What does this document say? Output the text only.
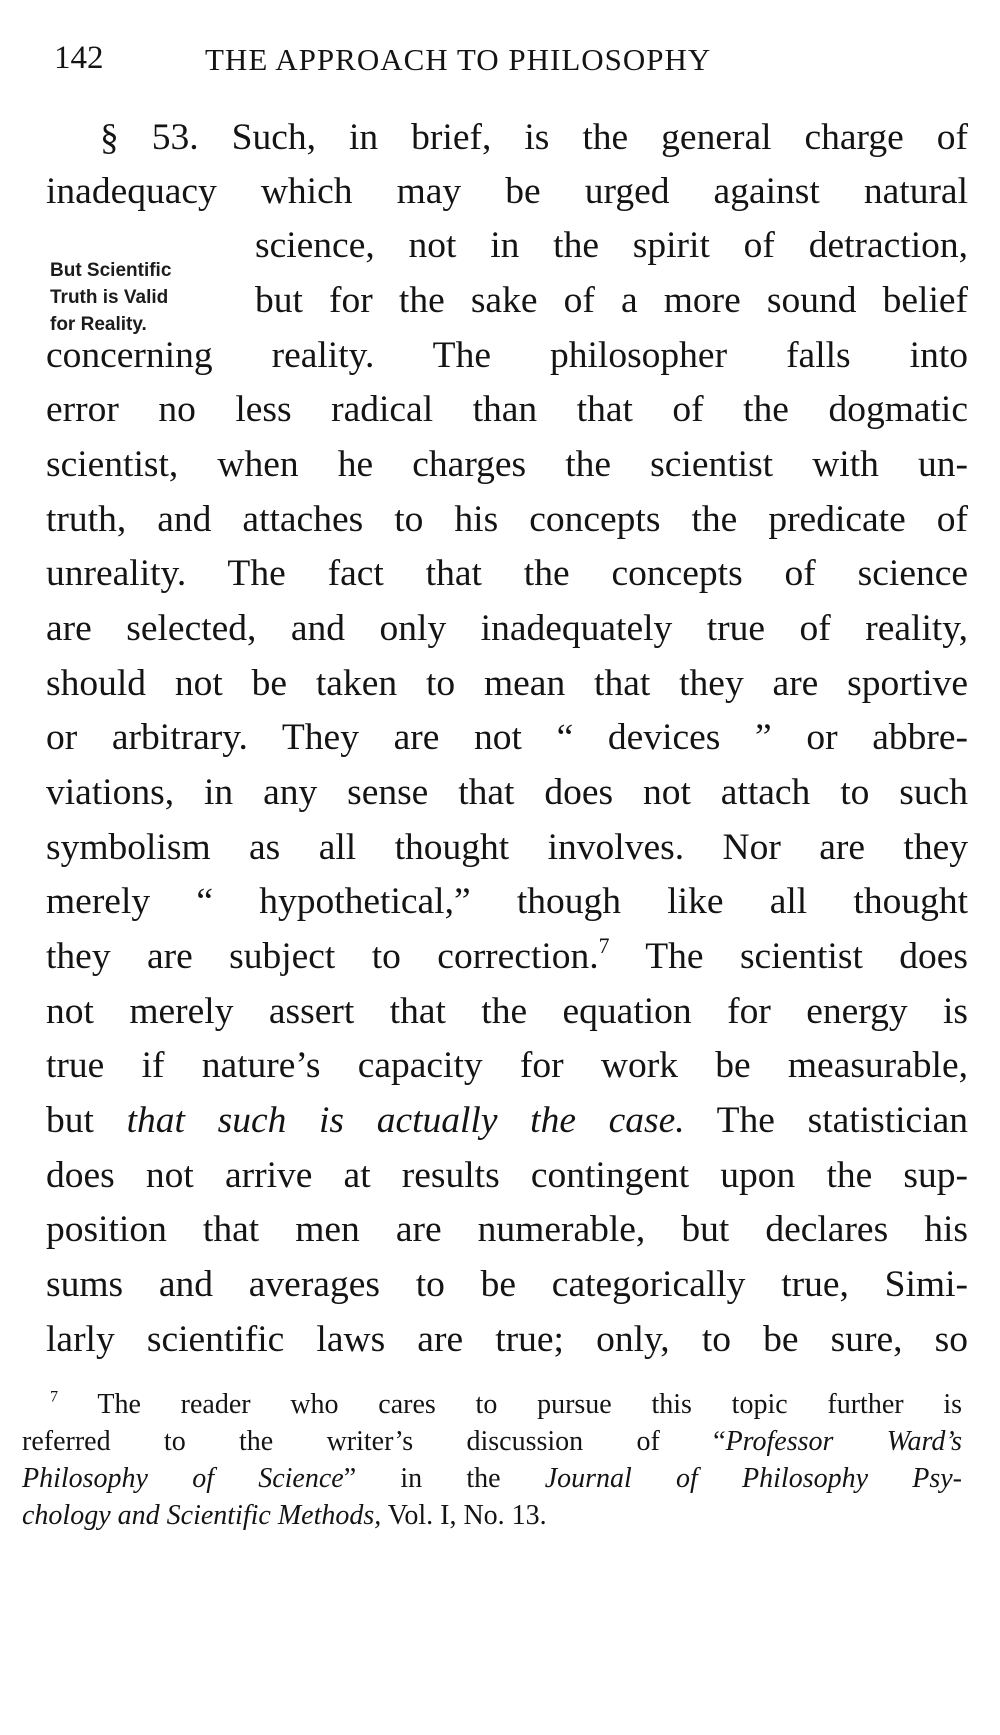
142	THE APPROACH TO PHILOSOPHY
But Scientific
Truth is Valid
for Reality.
§ 53. Such, in brief, is the general charge of
inadequacy which may be urged against natural
science, not in the spirit of detraction,
but for the sake of a more sound belief
concerning reality. The philosopher falls into
error no less radical than that of the dogmatic
scientist, when he charges the scientist with un-
truth, and attaches to his concepts the predicate of
unreality. The fact that the concepts of science
are selected, and only inadequately true of reality,
should not be taken to mean that they are sportive
or arbitrary. They are not “ devices ” or abbre-
viations, in any sense that does not attach to such
symbolism as all thought involves. Nor are they
merely “ hypothetical,” though like all thought
they are subject to correction.$^7$ The scientist does
not merely assert that the equation for energy is
true if nature’s capacity for work be measurable,
but that such is actually the case. The statistician
does not arrive at results contingent upon the sup-
position that men are numerable, but declares his
sums and averages to be categorically true, Simi-
larly scientific laws are true; only, to be sure, so
$^7$ The reader who cares to pursue this topic further is
referred to the writer’s discussion of “Professor Ward’s
Philosophy of Science” in the Journal of Philosophy Psy-
chology and Scientific Methods, Vol. I, No. 13.
